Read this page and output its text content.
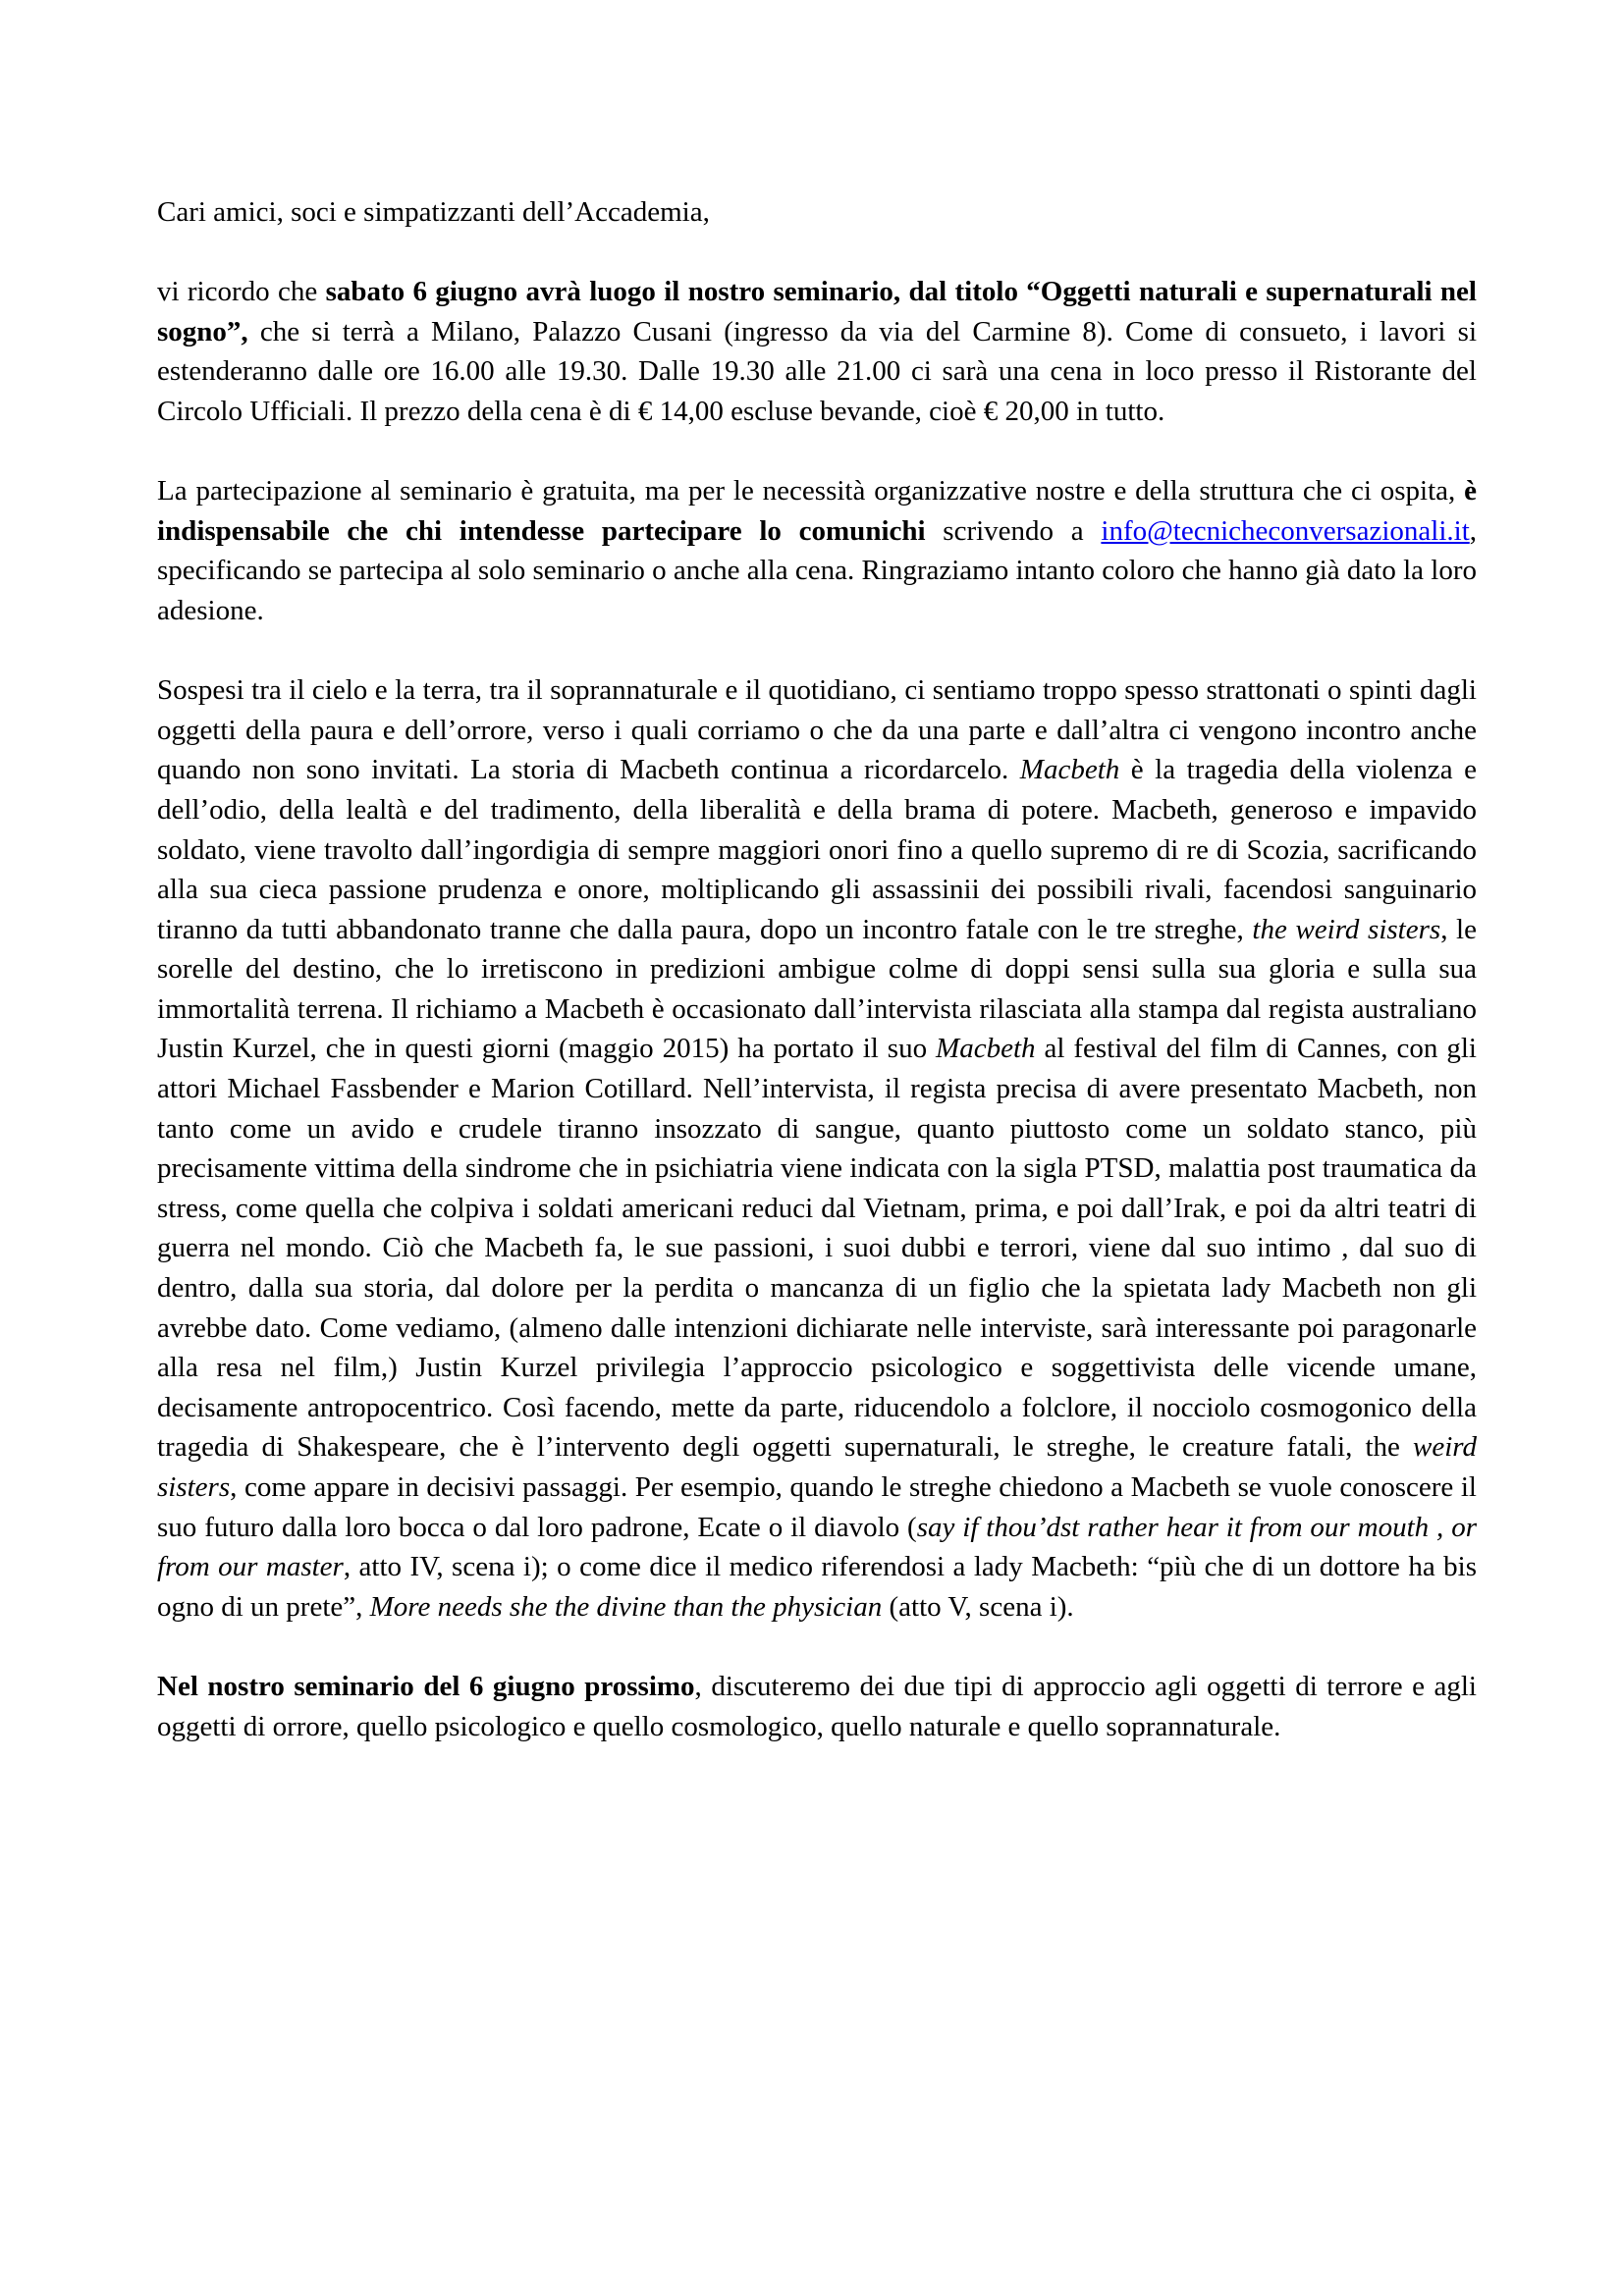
Cari amici, soci e simpatizzanti dell’Accademia,

vi ricordo che sabato 6 giugno avrà luogo il nostro seminario, dal titolo “Oggetti naturali e supernaturali nel sogno”, che si terrà a Milano, Palazzo Cusani (ingresso da via del Carmine 8). Come di consueto, i lavori si estenderanno dalle ore 16.00 alle 19.30. Dalle 19.30 alle 21.00 ci sarà una cena in loco presso il Ristorante del Circolo Ufficiali. Il prezzo della cena è di € 14,00 escluse bevande, cioè € 20,00 in tutto.

La partecipazione al seminario è gratuita, ma per le necessità organizzative nostre e della struttura che ci ospita, è indispensabile che chi intendesse partecipare lo comunichi scrivendo a info@tecnicheconversazionali.it, specificando se partecipa al solo seminario o anche alla cena. Ringraziamo intanto coloro che hanno già dato la loro adesione.

Sospesi tra il cielo e la terra, tra il soprannaturale e il quotidiano, ci sentiamo troppo spesso strattonati o spinti dagli oggetti della paura e dell’orrore, verso i quali corriamo o che da una parte e dall’altra ci vengono incontro anche quando non sono invitati. La storia di Macbeth continua a ricordarcelo. Macbeth è la tragedia della violenza e dell’odio, della lealtà e del tradimento, della liberalità e della brama di potere. Macbeth, generoso e impavido soldato, viene travolto dall’ingordigia di sempre maggiori onori fino a quello supremo di re di Scozia, sacrificando alla sua cieca passione prudenza e onore, moltiplicando gli assassinii dei possibili rivali, facendosi sanguinario tiranno da tutti abbandonato tranne che dalla paura, dopo un incontro fatale con le tre streghe, the weird sisters, le sorelle del destino, che lo irretiscono in predizioni ambigue colme di doppi sensi sulla sua gloria e sulla sua immortalità terrena. Il richiamo a Macbeth è occasionato dall’intervista rilasciata alla stampa dal regista australiano Justin Kurzel, che in questi giorni (maggio 2015) ha portato il suo Macbeth al festival del film di Cannes, con gli attori Michael Fassbender e Marion Cotillard. Nell’intervista, il regista precisa di avere presentato Macbeth, non tanto come un avido e crudele tiranno insozzato di sangue, quanto piuttosto come un soldato stanco, più precisamente vittima della sindrome che in psichiatria viene indicata con la sigla PTSD, malattia post traumatica da stress, come quella che colpiva i soldati americani reduci dal Vietnam, prima, e poi dall’Irak, e poi da altri teatri di guerra nel mondo. Ciò che Macbeth fa, le sue passioni, i suoi dubbi e terrori, viene dal suo intimo , dal suo di dentro, dalla sua storia, dal dolore per la perdita o mancanza di un figlio che la spietata lady Macbeth non gli avrebbe dato. Come vediamo, (almeno dalle intenzioni dichiarate nelle interviste, sarà interessante poi paragonarle alla resa nel film,) Justin Kurzel privilegia l’approccio psicologico e soggettivista delle vicende umane, decisamente antropocentrico. Così facendo, mette da parte, riducendolo a folclore, il nocciolo cosmogonico della tragedia di Shakespeare, che è l’intervento degli oggetti supernaturali, le streghe, le creature fatali, the weird sisters, come appare in decisivi passaggi. Per esempio, quando le streghe chiedono a Macbeth se vuole conoscere il suo futuro dalla loro bocca o dal loro padrone, Ecate o il diavolo (say if thou’dst rather hear it from our mouth , or from our master, atto IV, scena i); o come dice il medico riferendosi a lady Macbeth: “più che di un dottore ha bis ogno di un prete”, More needs she the divine than the physician (atto V, scena i).

Nel nostro seminario del 6 giugno prossimo, discuteremo dei due tipi di approccio agli oggetti di terrore e agli oggetti di orrore, quello psicologico e quello cosmologico, quello naturale e quello soprannaturale.
